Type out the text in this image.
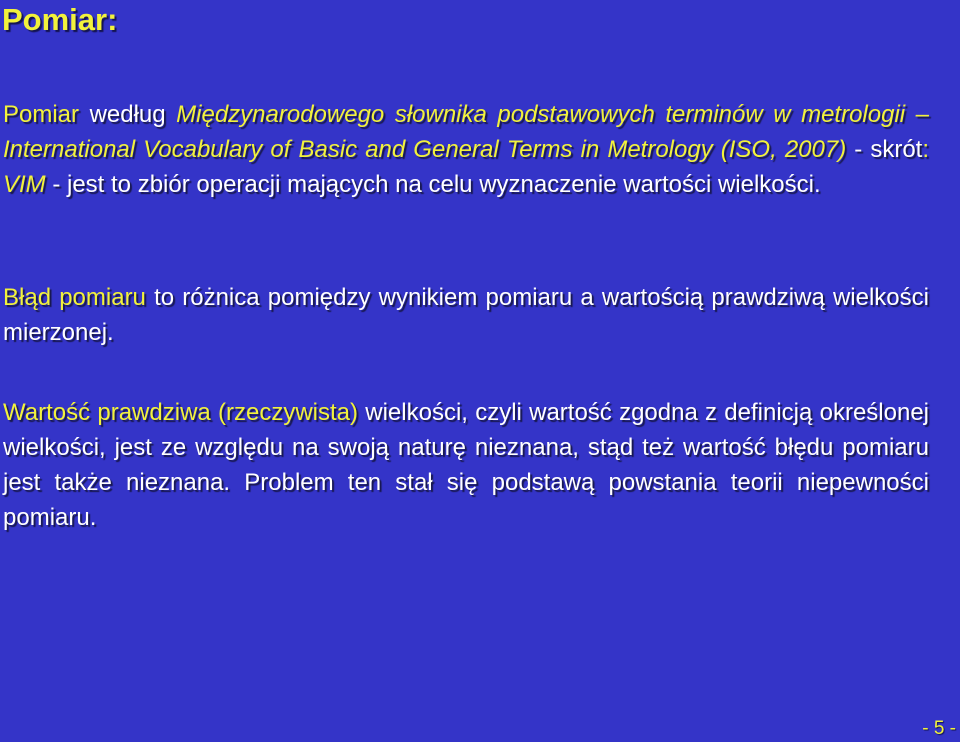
Pomiar:

Pomiar według Międzynarodowego słownika podstawowych terminów w metrologii – International Vocabulary of Basic and General Terms in Metrology (ISO, 2007) - skrót: VIM - jest to zbiór operacji mających na celu wyznaczenie wartości wielkości.

Błąd pomiaru to różnica pomiędzy wynikiem pomiaru a wartością prawdziwą wielkości mierzonej.

Wartość prawdziwa (rzeczywista) wielkości, czyli wartość zgodna z definicją określonej wielkości, jest ze względu na swoją naturę nieznana, stąd też wartość błędu pomiaru jest także nieznana. Problem ten stał się podstawą powstania teorii niepewności pomiaru.

- 5 -
